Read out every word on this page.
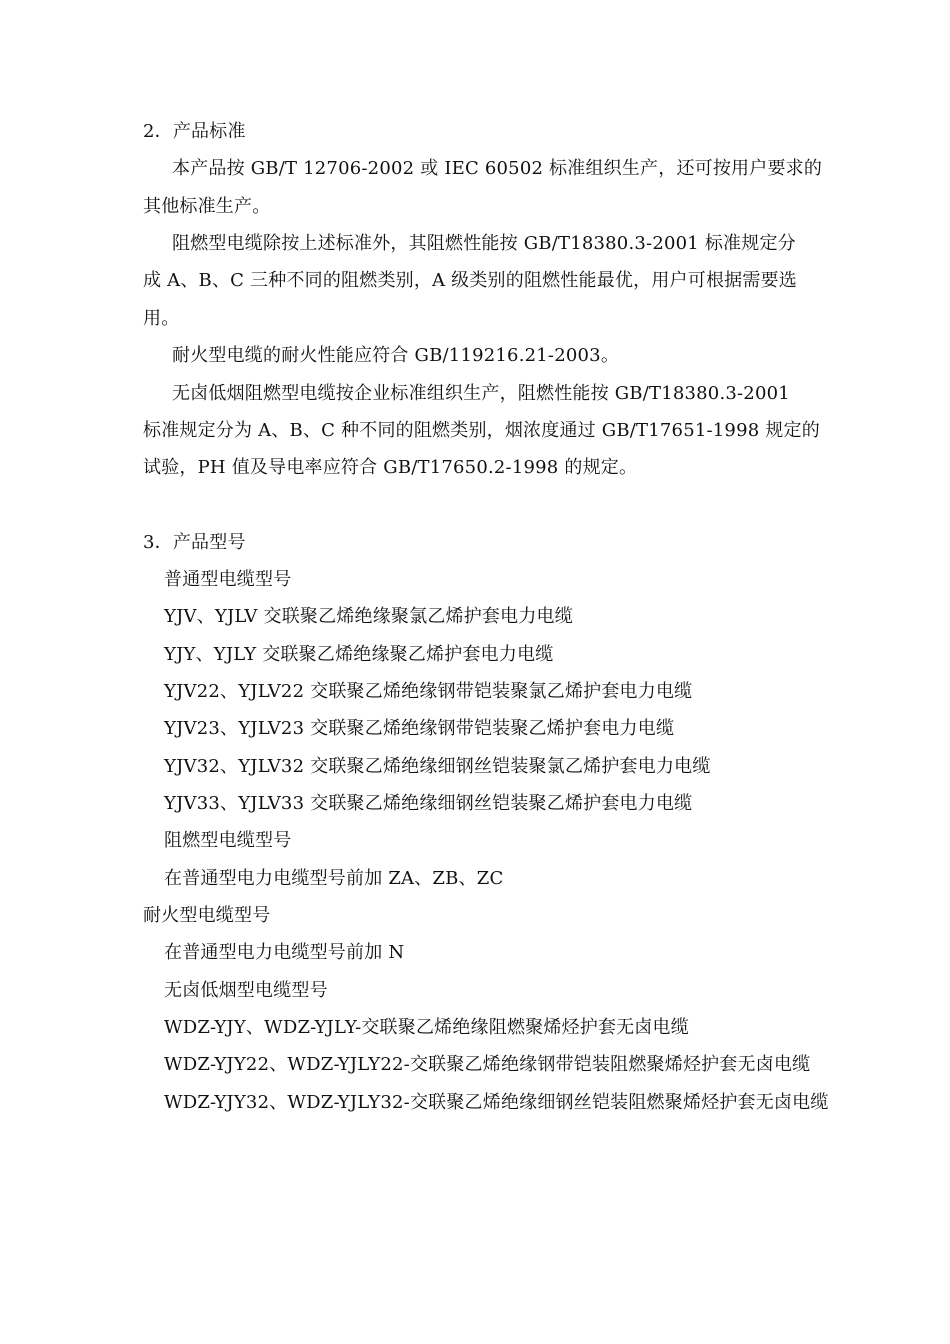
2．产品标准
本产品按 GB/T 12706-2002 或 IEC 60502 标准组织生产，还可按用户要求的
其他标准生产。
阻燃型电缆除按上述标准外，其阻燃性能按 GB/T18380.3-2001 标准规定分
成 A、B、C 三种不同的阻燃类别，A 级类别的阻燃性能最优，用户可根据需要选
用。
耐火型电缆的耐火性能应符合 GB/119216.21-2003。
无卤低烟阻燃型电缆按企业标准组织生产，阻燃性能按 GB/T18380.3-2001
标准规定分为 A、B、C 种不同的阻燃类别，烟浓度通过 GB/T17651-1998 规定的
试验，PH 值及导电率应符合 GB/T17650.2-1998 的规定。
3．产品型号
普通型电缆型号
YJV、YJLV 交联聚乙烯绝缘聚氯乙烯护套电力电缆
YJY、YJLY 交联聚乙烯绝缘聚乙烯护套电力电缆
YJV22、YJLV22 交联聚乙烯绝缘钢带铠装聚氯乙烯护套电力电缆
YJV23、YJLV23 交联聚乙烯绝缘钢带铠装聚乙烯护套电力电缆
YJV32、YJLV32 交联聚乙烯绝缘细钢丝铠装聚氯乙烯护套电力电缆
YJV33、YJLV33 交联聚乙烯绝缘细钢丝铠装聚乙烯护套电力电缆
阻燃型电缆型号
在普通型电力电缆型号前加 ZA、ZB、ZC
耐火型电缆型号
在普通型电力电缆型号前加 N
无卤低烟型电缆型号
WDZ-YJY、WDZ-YJLY-交联聚乙烯绝缘阻燃聚烯烃护套无卤电缆
WDZ-YJY22、WDZ-YJLY22-交联聚乙烯绝缘钢带铠装阻燃聚烯烃护套无卤电缆
WDZ-YJY32、WDZ-YJLY32-交联聚乙烯绝缘细钢丝铠装阻燃聚烯烃护套无卤电缆
